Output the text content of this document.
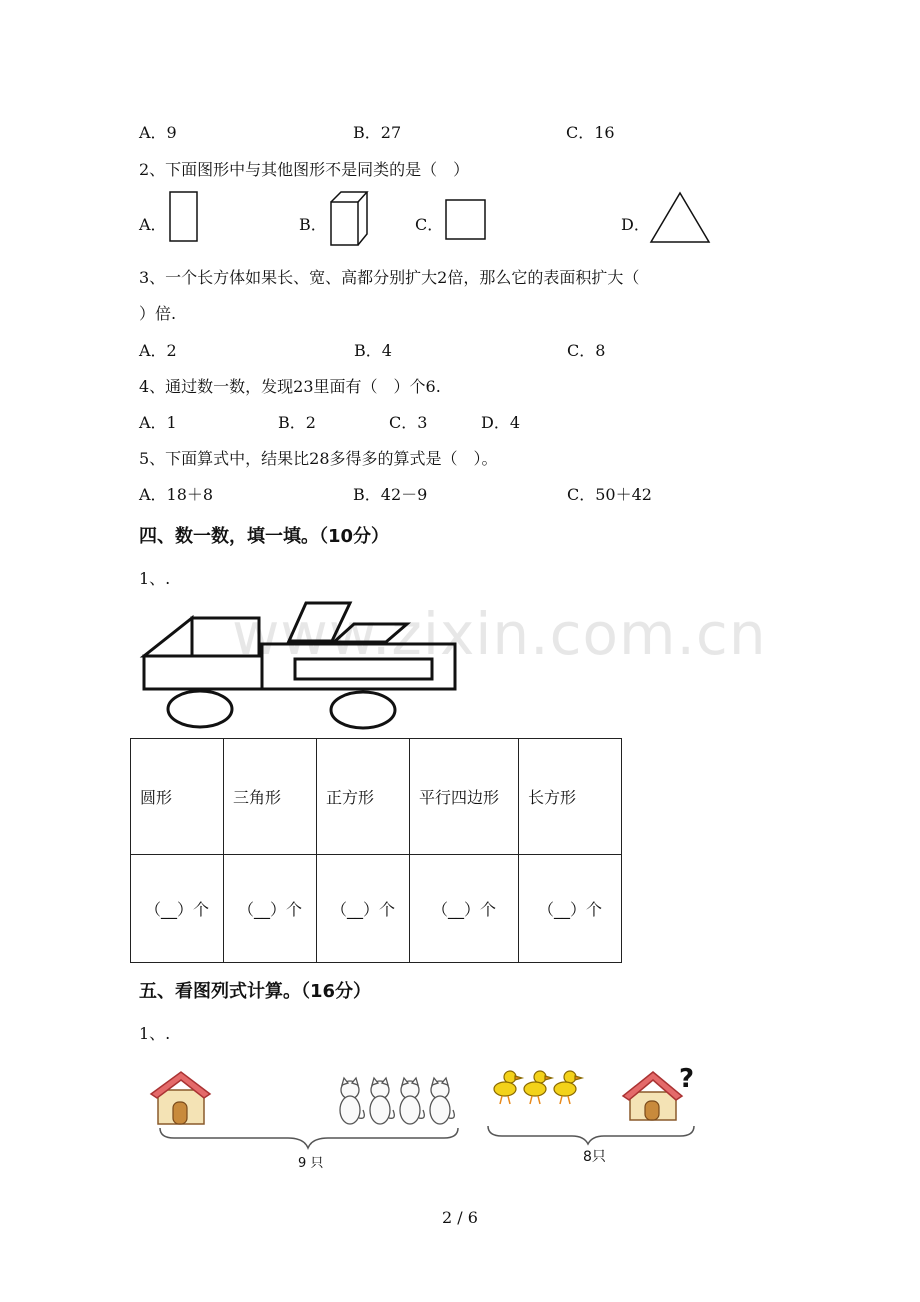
A．9	B．27	C．16
2、下面图形中与其他图形不是同类的是（　）
A．	B．	C．	D．
3、一个长方体如果长、宽、高都分别扩大2倍，那么它的表面积扩大（
）倍.
A．2	B．4	C．8
4、通过数一数，发现23里面有（　）个6.
A．1	B．2	C．3	D．4
5、下面算式中，结果比28多得多的算式是（　）。
A．18＋8	B．42－9	C．50＋42
四、数一数，填一填。（10分）
1、.
www.zixin.com.cn
圆形	三角形	正方形	平行四边形	长方形
（__）个	（__）个	（__）个	（__）个	（__）个
五、看图列式计算。（16分）
1、.
9 只
?
8只
2 / 6
